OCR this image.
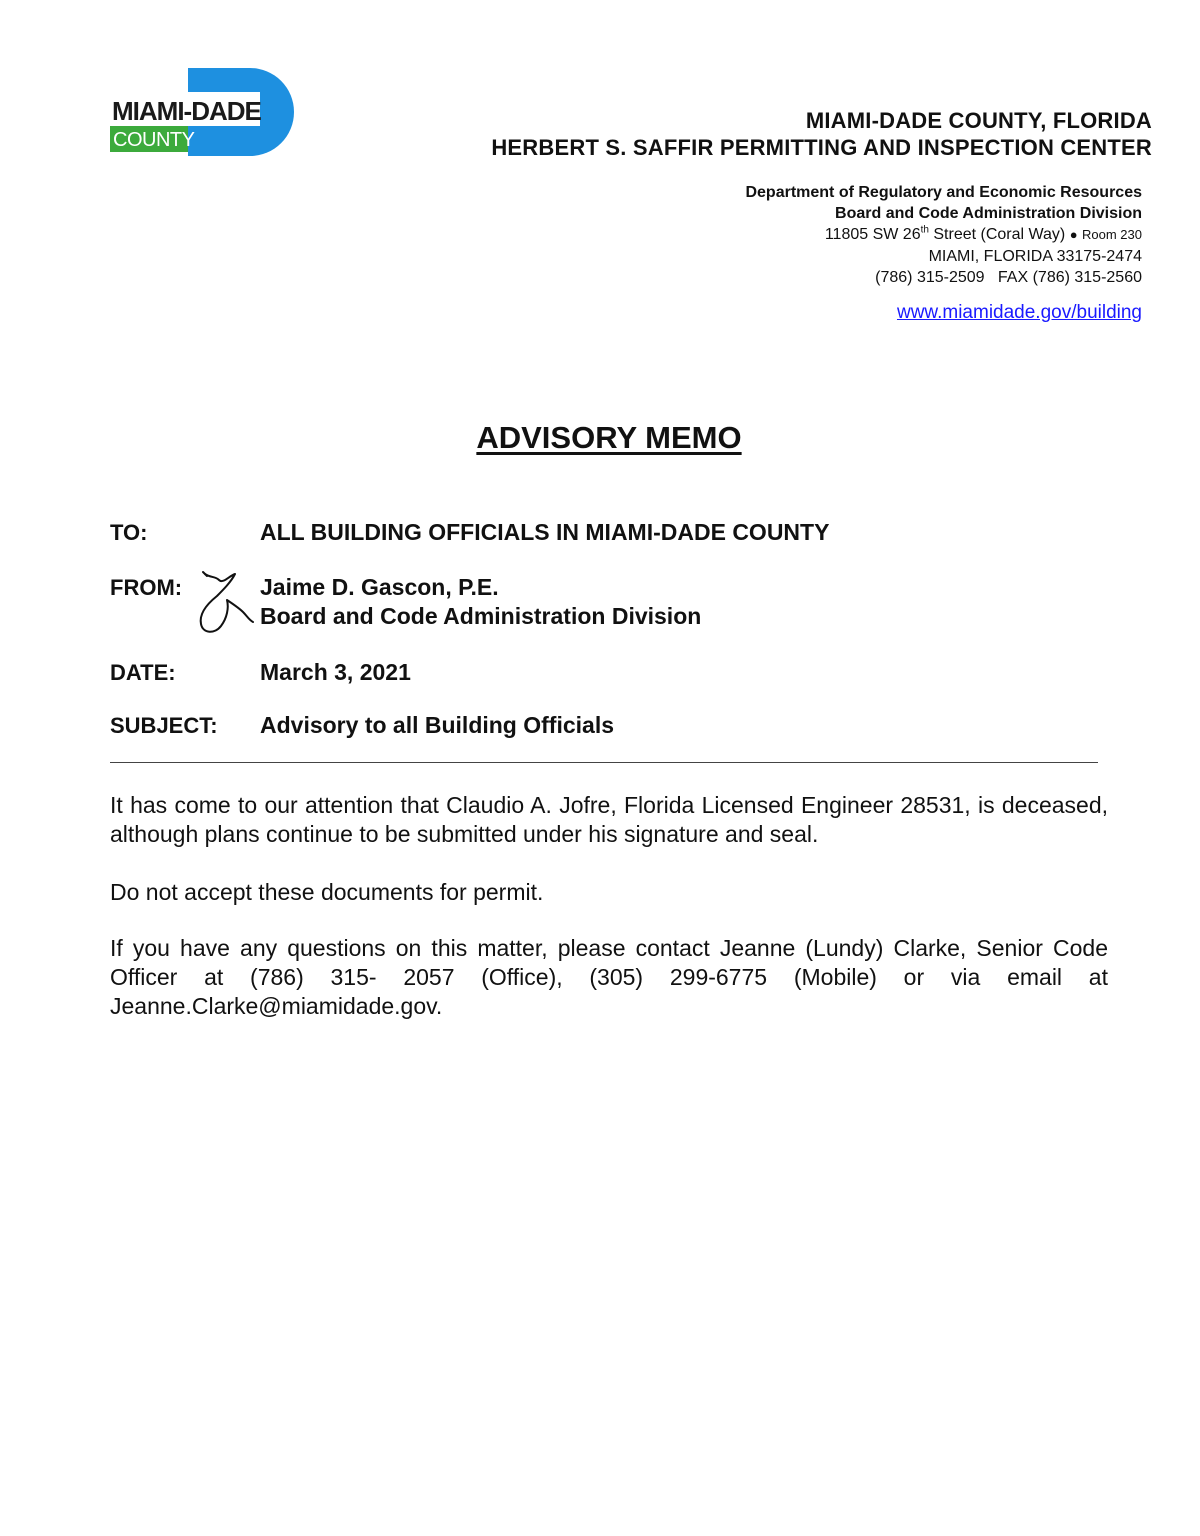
MIAMI-DADE
COUNTY
MIAMI-DADE COUNTY, FLORIDA
HERBERT S. SAFFIR PERMITTING AND INSPECTION CENTER
Department of Regulatory and Economic Resources
Board and Code Administration Division
11805 SW 26th Street (Coral Way) ● Room 230
MIAMI, FLORIDA 33175-2474
(786) 315-2509   FAX (786) 315-2560
www.miamidade.gov/building
ADVISORY MEMO
TO:	ALL BUILDING OFFICIALS IN MIAMI-DADE COUNTY
FROM:	Jaime D. Gascon, P.E.
Board and Code Administration Division
DATE:	March 3, 2021
SUBJECT: Advisory to all Building Officials
It has come to our attention that Claudio A. Jofre, Florida Licensed Engineer 28531, is deceased, although plans continue to be submitted under his signature and seal.
Do not accept these documents for permit.
If you have any questions on this matter, please contact Jeanne (Lundy) Clarke, Senior Code Officer at (786) 315- 2057 (Office), (305) 299-6775 (Mobile) or via email at Jeanne.Clarke@miamidade.gov.
